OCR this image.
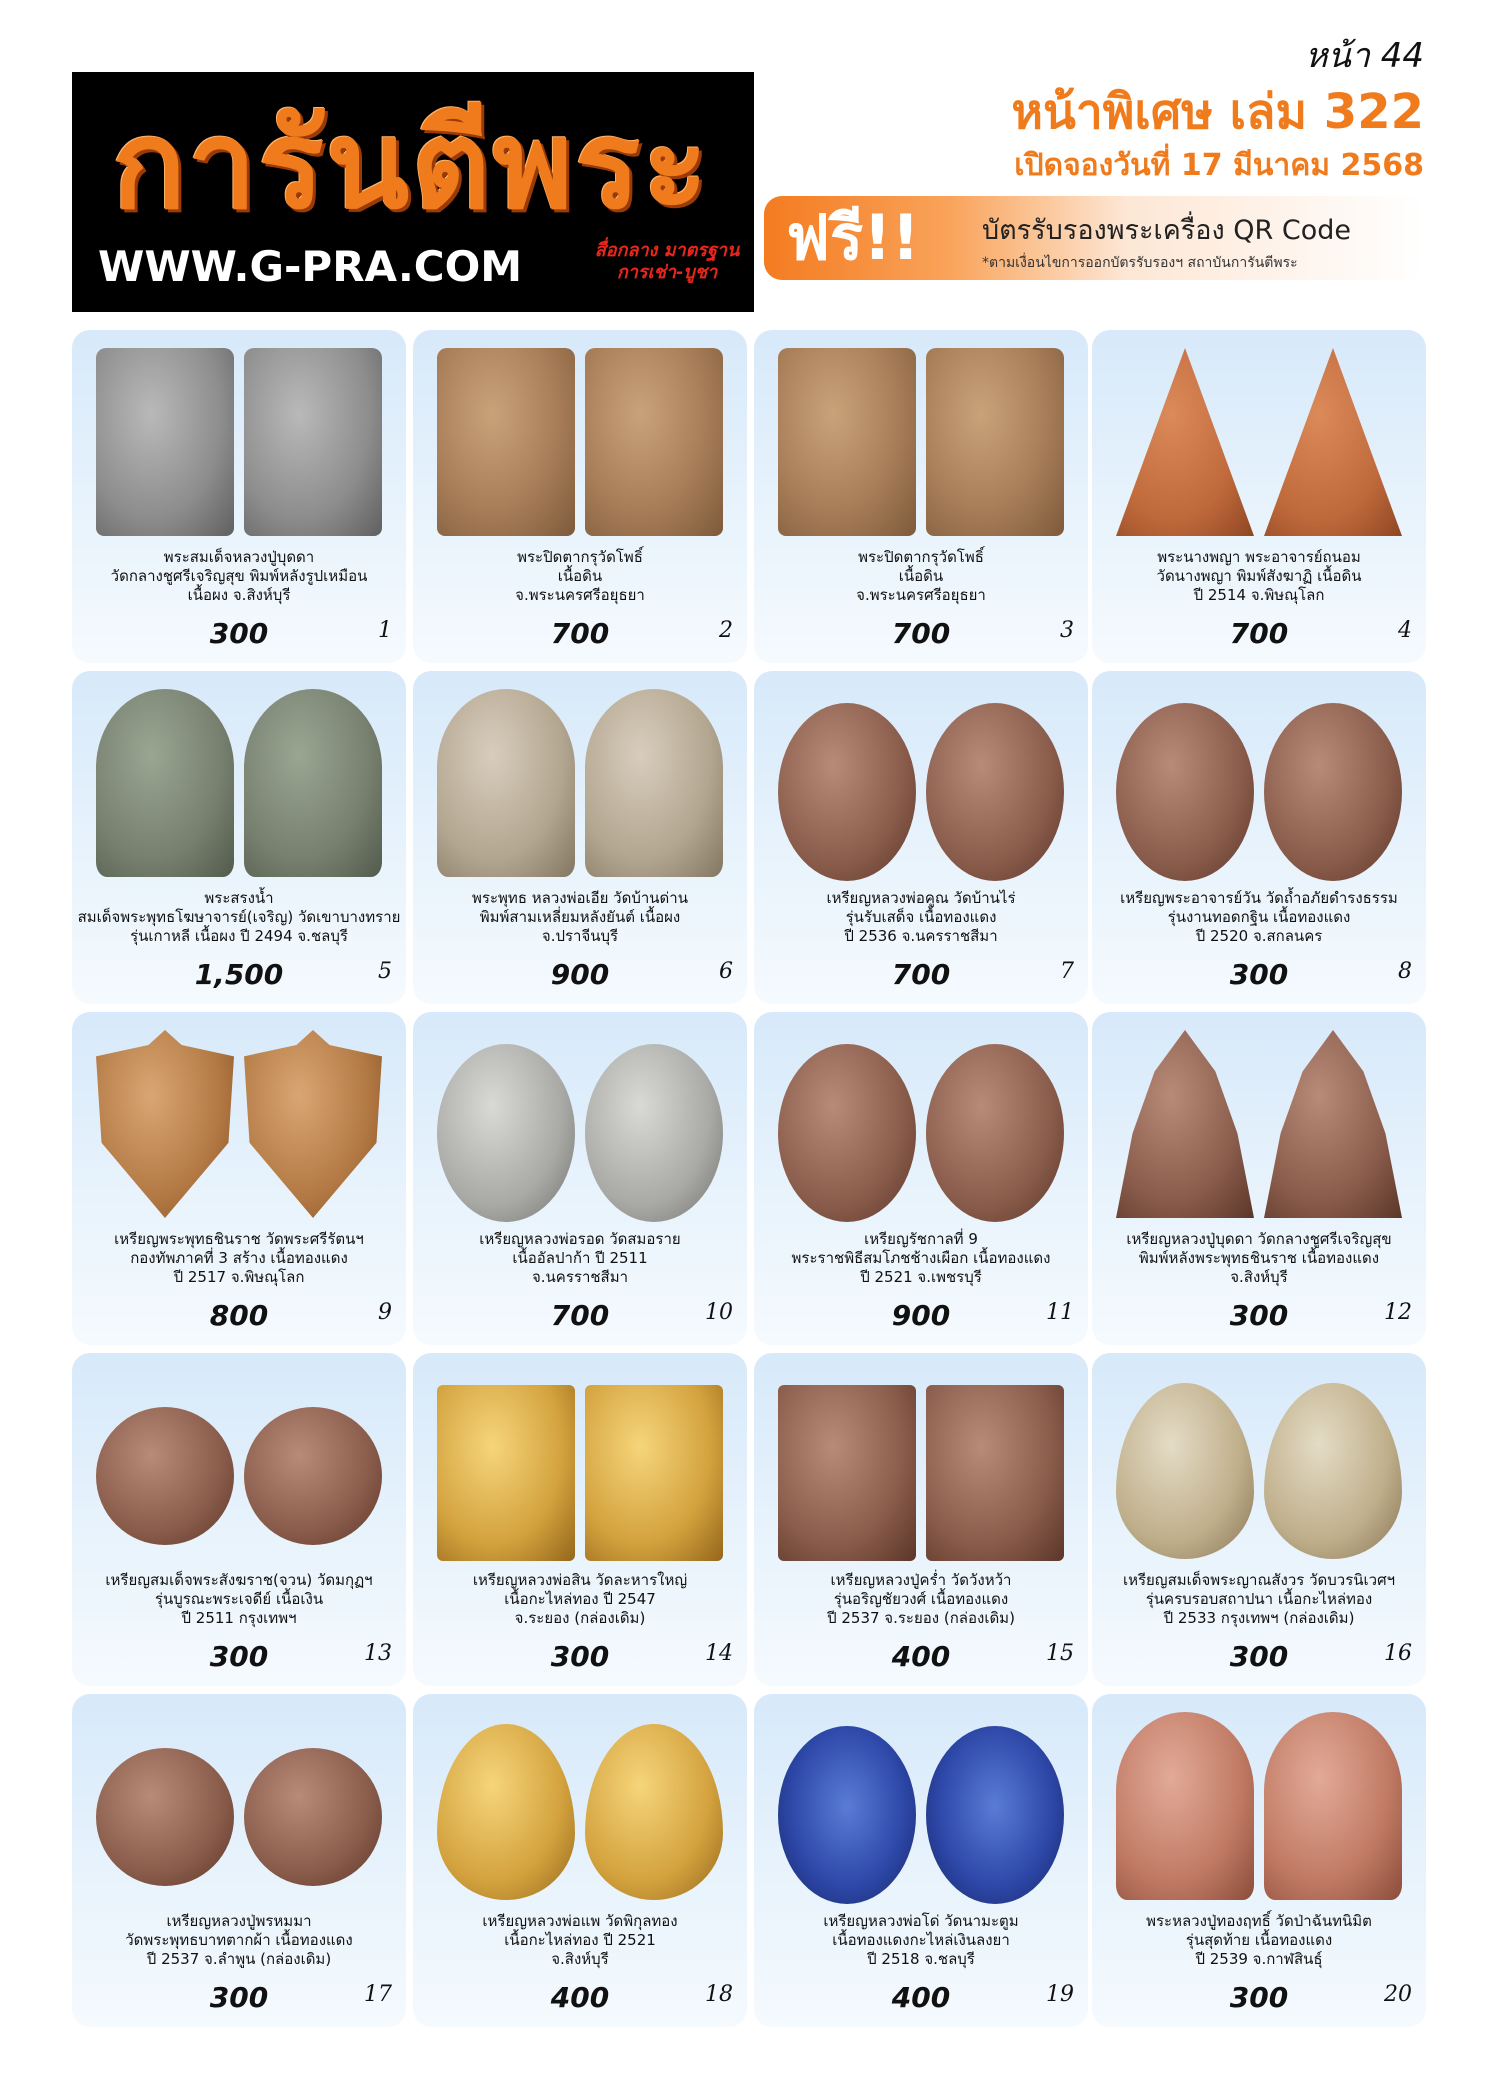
หน้า 44
การันตีพระ
WWW.G-PRA.COM	สื่อกลาง มาตรฐาน
การเช่า-บูชา
หน้าพิเศษ เล่ม 322
เปิดจองวันที่ 17 มีนาคม 2568
ฟรี!! บัตรรับรองพระเครื่อง QR Code
*ตามเงื่อนไขการออกบัตรรับรองฯ สถาบันการันตีพระ
พระสมเด็จหลวงปู่บุดดา
วัดกลางชูศรีเจริญสุข พิมพ์หลังรูปเหมือน
เนื้อผง จ.สิงห์บุรี
300	1
พระปิดตากรุวัดโพธิ์
เนื้อดิน
จ.พระนครศรีอยุธยา
700	2
พระปิดตากรุวัดโพธิ์
เนื้อดิน
จ.พระนครศรีอยุธยา
700	3
พระนางพญา พระอาจารย์ถนอม
วัดนางพญา พิมพ์สังฆาฏิ เนื้อดิน
ปี 2514 จ.พิษณุโลก
700	4
พระสรงน้ำ
สมเด็จพระพุทธโฆษาจารย์(เจริญ) วัดเขาบางทราย
รุ่นเกาหลี เนื้อผง ปี 2494 จ.ชลบุรี
1,500	5
พระพุทธ หลวงพ่อเอีย วัดบ้านด่าน
พิมพ์สามเหลี่ยมหลังยันต์ เนื้อผง
จ.ปราจีนบุรี
900	6
เหรียญหลวงพ่อคูณ วัดบ้านไร่
รุ่นรับเสด็จ เนื้อทองแดง
ปี 2536 จ.นครราชสีมา
700	7
เหรียญพระอาจารย์วัน วัดถ้ำอภัยดำรงธรรม
รุ่นงานทอดกฐิน เนื้อทองแดง
ปี 2520 จ.สกลนคร
300	8
เหรียญพระพุทธชินราช วัดพระศรีรัตนฯ
กองทัพภาคที่ 3 สร้าง เนื้อทองแดง
ปี 2517 จ.พิษณุโลก
800	9
เหรียญหลวงพ่อรอด วัดสมอราย
เนื้ออัลปาก้า ปี 2511
จ.นครราชสีมา
700	10
เหรียญรัชกาลที่ 9
พระราชพิธีสมโภชช้างเผือก เนื้อทองแดง
ปี 2521 จ.เพชรบุรี
900	11
เหรียญหลวงปู่บุดดา วัดกลางชูศรีเจริญสุข
พิมพ์หลังพระพุทธชินราช เนื้อทองแดง
จ.สิงห์บุรี
300	12
เหรียญสมเด็จพระสังฆราช(จวน) วัดมกุฏฯ
รุ่นบูรณะพระเจดีย์ เนื้อเงิน
ปี 2511 กรุงเทพฯ
300	13
เหรียญหลวงพ่อสิน วัดละหารใหญ่
เนื้อกะไหล่ทอง ปี 2547
จ.ระยอง (กล่องเดิม)
300	14
เหรียญหลวงปู่คร่ำ วัดวังหว้า
รุ่นอริญชัยวงศ์ เนื้อทองแดง
ปี 2537 จ.ระยอง (กล่องเดิม)
400	15
เหรียญสมเด็จพระญาณสังวร วัดบวรนิเวศฯ
รุ่นครบรอบสถาปนา เนื้อกะไหล่ทอง
ปี 2533 กรุงเทพฯ (กล่องเดิม)
300	16
เหรียญหลวงปู่พรหมมา
วัดพระพุทธบาทตากผ้า เนื้อทองแดง
ปี 2537 จ.ลำพูน (กล่องเดิม)
300	17
เหรียญหลวงพ่อแพ วัดพิกุลทอง
เนื้อกะไหล่ทอง ปี 2521
จ.สิงห์บุรี
400	18
เหรียญหลวงพ่อโด่ วัดนามะตูม
เนื้อทองแดงกะไหล่เงินลงยา
ปี 2518 จ.ชลบุรี
400	19
พระหลวงปู่ทองฤทธิ์ วัดป่าฉันทนิมิต
รุ่นสุดท้าย เนื้อทองแดง
ปี 2539 จ.กาฬสินธุ์
300	20
